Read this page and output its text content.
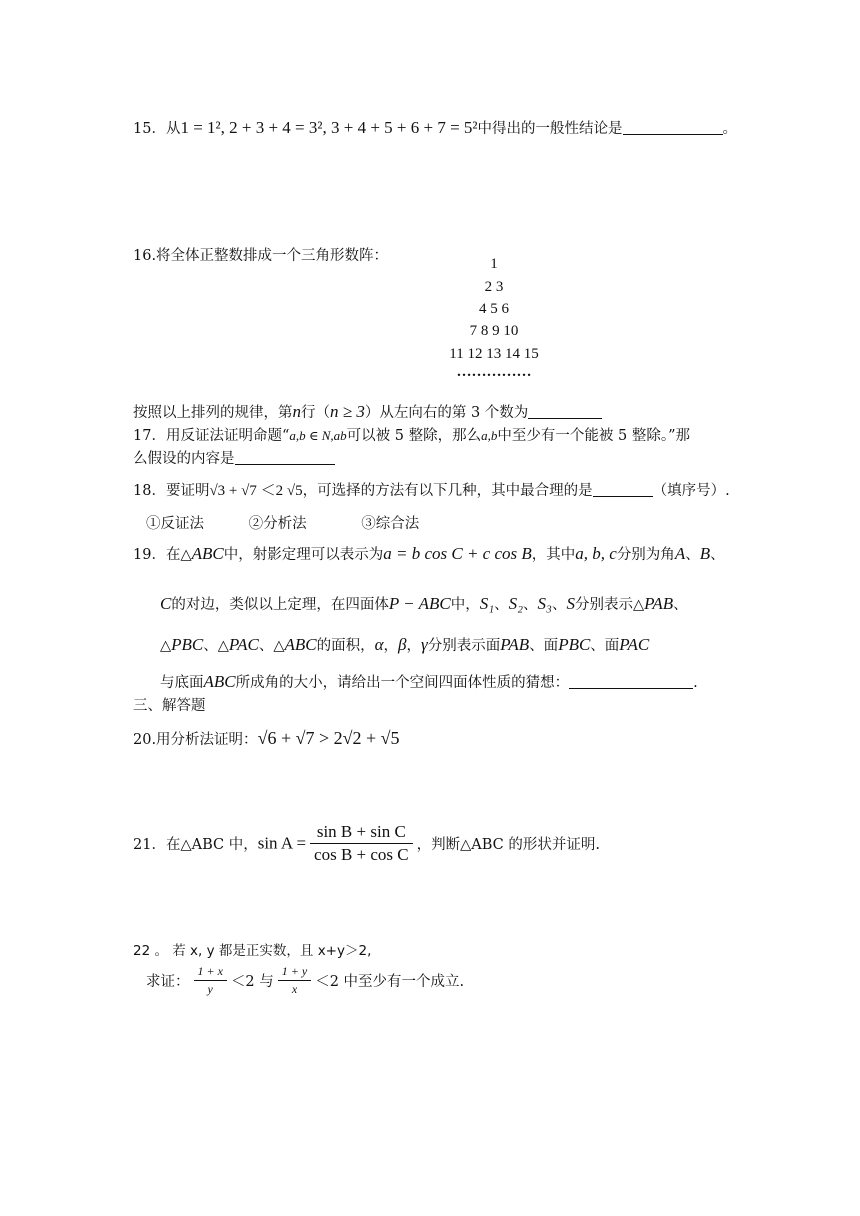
15．从1 = 1², 2 + 3 + 4 = 3², 3 + 4 + 5 + 6 + 7 = 5²中得出的一般性结论是	。
16.将全体正整数排成一个三角形数阵：	1
2 3
4 5 6
7 8 9 10
11 12 13 14 15
……………
按照以上排列的规律，第n行（n ≥ 3）从左向右的第 3 个数为
17．用反证法证明命题“a,b ∈ N,ab可以被 5 整除，那么a,b中至少有一个能被 5 整除。”那
么假设的内容是
18．要证明√3 + √7 ＜2 √5，可选择的方法有以下几种，其中最合理的是	（填序号）.
①反证法	②分析法	③综合法
19．在△ABC中，射影定理可以表示为a = b cos C + c cos B，其中a, b, c分别为角A、B、
C的对边，类似以上定理，在四面体P − ABC中，S₁、S₂、S₃、S分别表示△PAB、
△PBC、△PAC、△ABC的面积，α，β，γ分别表示面PAB、面PBC、面PAC
与底面ABC所成角的大小，请给出一个空间四面体性质的猜想：	.
三、解答题
20.用分析法证明：√6 + √7 > 2√2 + √5
21．在△ABC 中，$\sin A = \frac{\text{sin B + sin C}}{\text{cos B + cos C}}$ ，判断△ABC 的形状并证明.
22 。 若 x, y 都是正实数，且 x+y＞2,
求证： $\frac{1 + x}{y} <2$ 与 $\frac{1 + y}{x} <2$ 中至少有一个成立.
